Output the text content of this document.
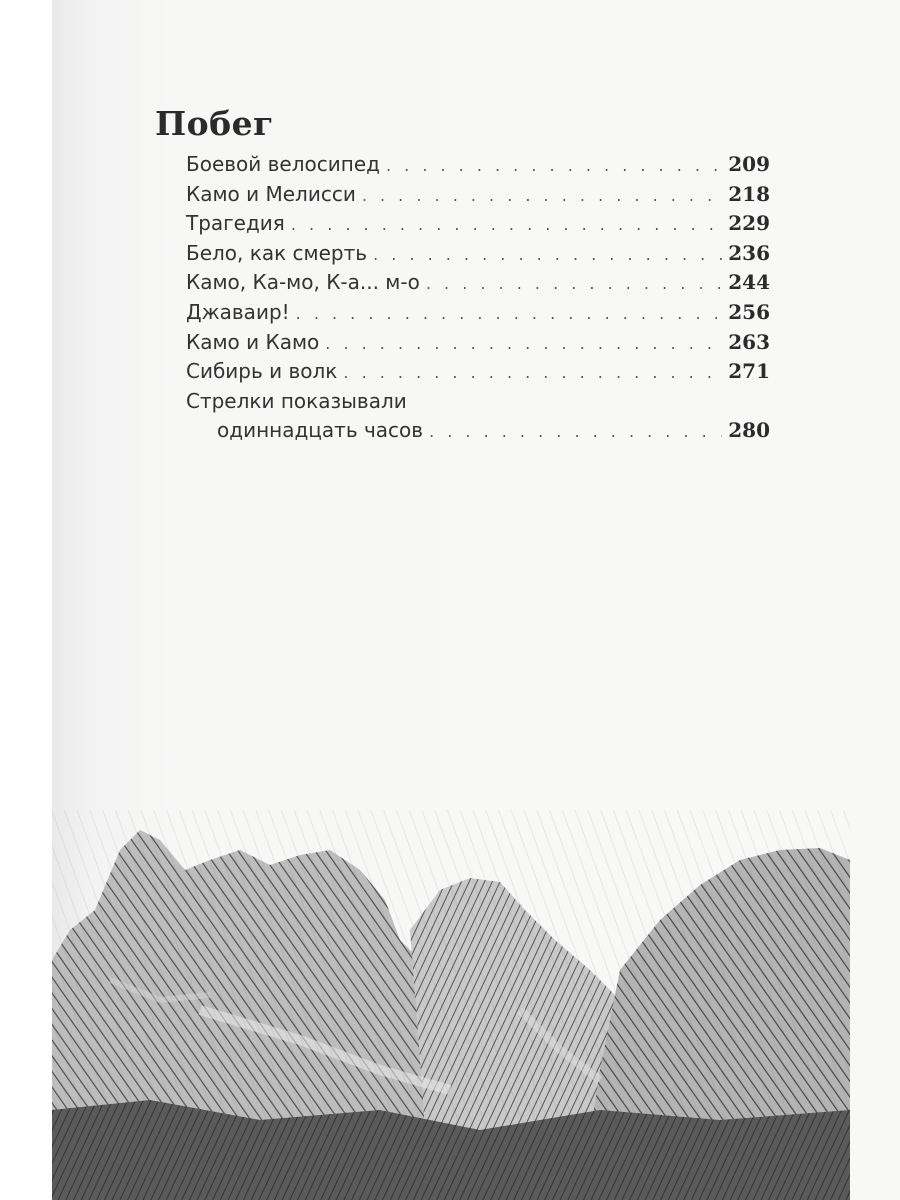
Побег
Боевой велосипед . . .	209
Камо и Мелисси . . .	218
Трагедия . . .	229
Бело, как смерть . . .	236
Камо, Ка-мо, К-а... м-о . . .	244
Джаваир! . . .	256
Камо и Камо . . .	263
Сибирь и волк . . .	271
Стрелки показывали
одиннадцать часов . . .	280
